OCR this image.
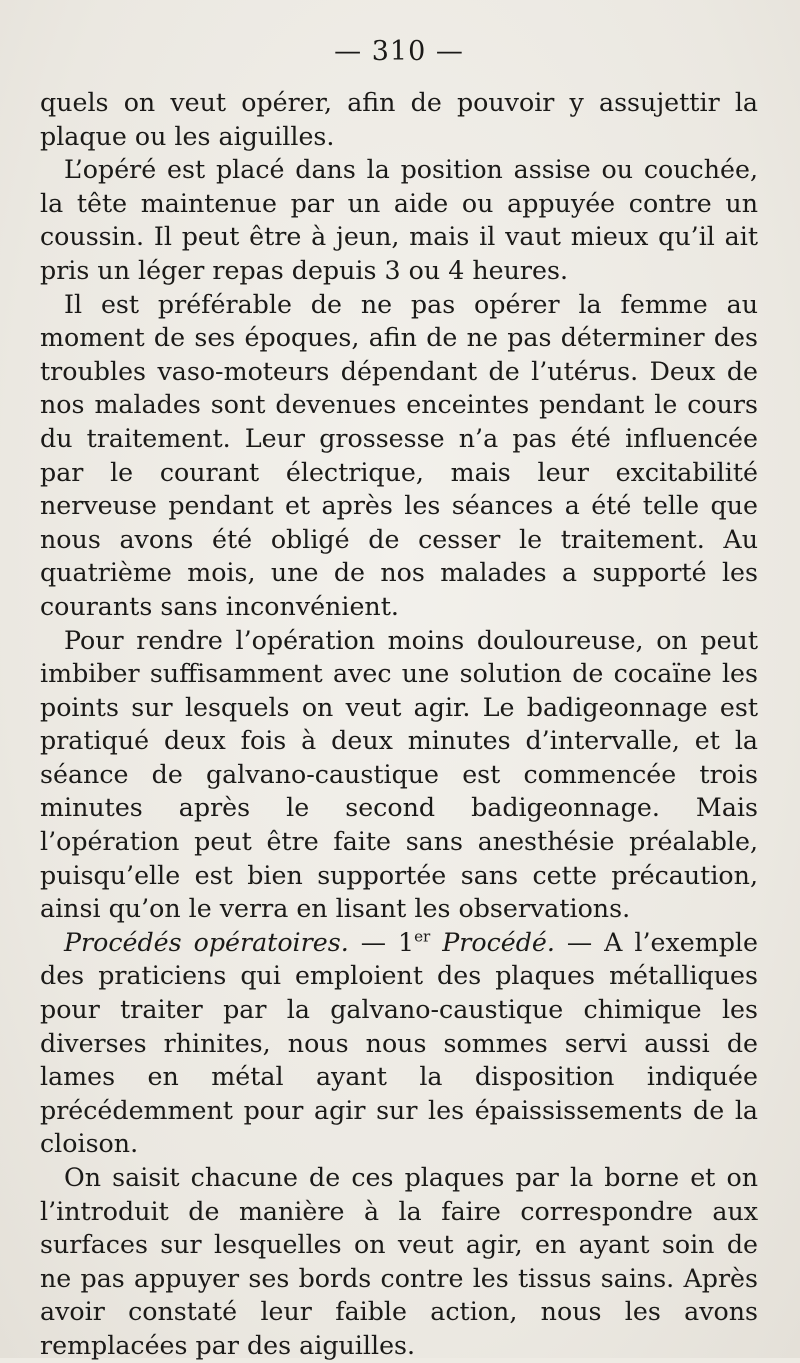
— 310 —

quels on veut opérer, afin de pouvoir y assujettir la plaque ou les aiguilles.

L’opéré est placé dans la position assise ou couchée, la tête maintenue par un aide ou appuyée contre un coussin. Il peut être à jeun, mais il vaut mieux qu’il ait pris un léger repas depuis 3 ou 4 heures.

Il est préférable de ne pas opérer la femme au moment de ses époques, afin de ne pas déterminer des troubles vaso-moteurs dépendant de l’utérus. Deux de nos malades sont devenues enceintes pendant le cours du traitement. Leur grossesse n’a pas été influencée par le courant électrique, mais leur excitabilité nerveuse pendant et après les séances a été telle que nous avons été obligé de cesser le traitement. Au quatrième mois, une de nos malades a supporté les courants sans inconvénient.

Pour rendre l’opération moins douloureuse, on peut imbiber suffisamment avec une solution de cocaïne les points sur lesquels on veut agir. Le badigeonnage est pratiqué deux fois à deux minutes d’intervalle, et la séance de galvano-caustique est commencée trois minutes après le second badigeonnage. Mais l’opération peut être faite sans anesthésie préalable, puisqu’elle est bien supportée sans cette précaution, ainsi qu’on le verra en lisant les observations.

Procédés opératoires. — 1er Procédé. — A l’exemple des praticiens qui emploient des plaques métalliques pour traiter par la galvano-caustique chimique les diverses rhinites, nous nous sommes servi aussi de lames en métal ayant la disposition indiquée précédemment pour agir sur les épaississements de la cloison.

On saisit chacune de ces plaques par la borne et on l’introduit de manière à la faire correspondre aux surfaces sur lesquelles on veut agir, en ayant soin de ne pas appuyer ses bords contre les tissus sains. Après avoir constaté leur faible action, nous les avons remplacées par des aiguilles.
